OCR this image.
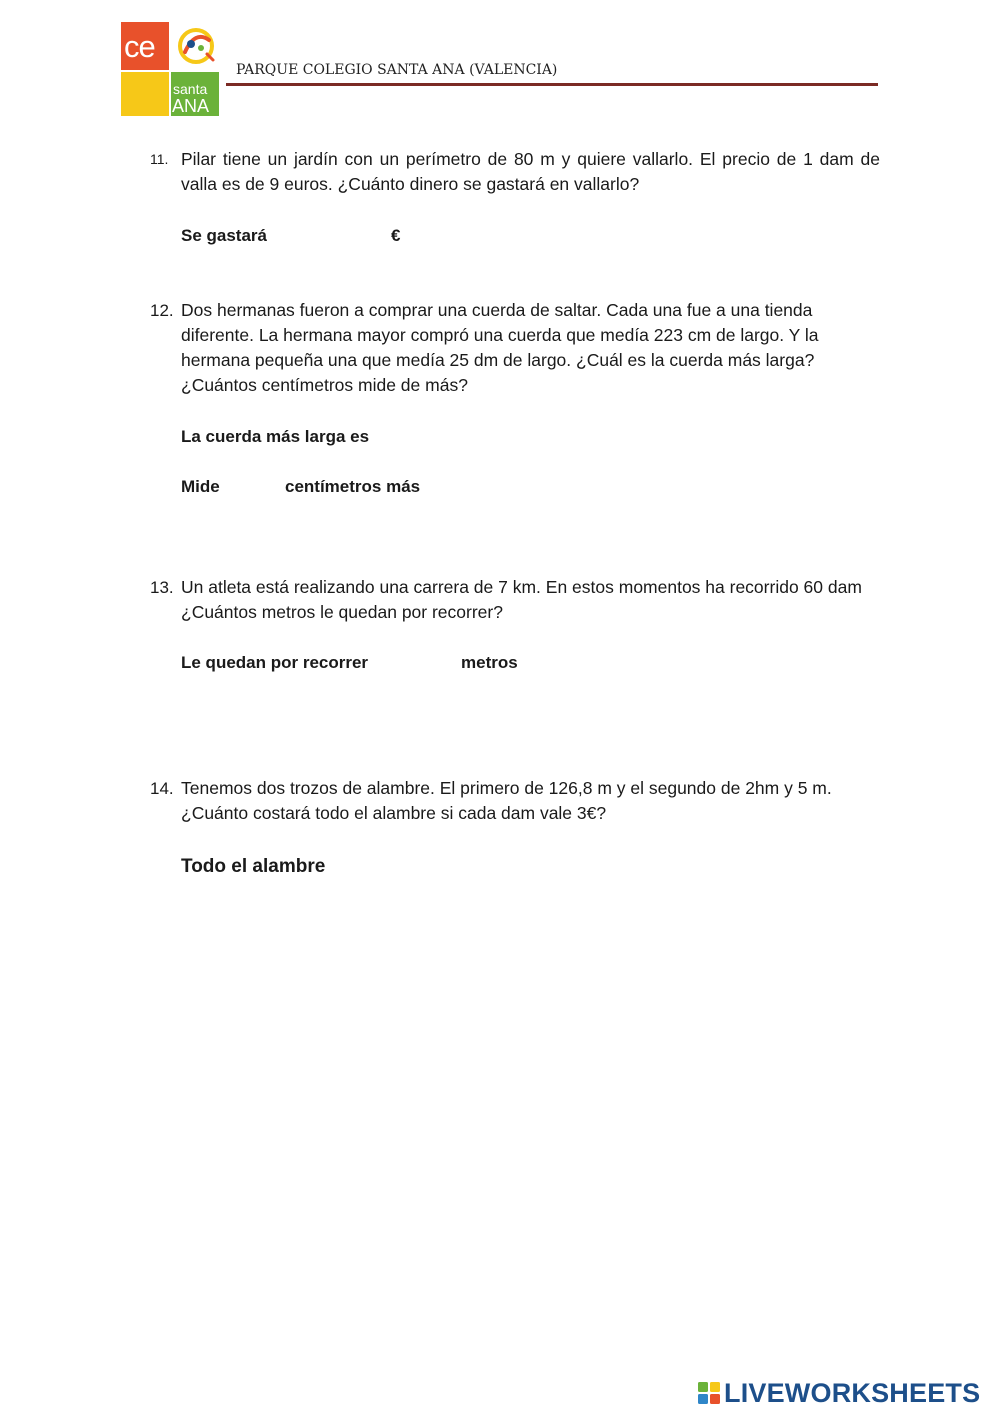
ce
santa
ANA
PARQUE COLEGIO SANTA ANA (VALENCIA)
11. Pilar tiene un jardín con un perímetro de 80 m y quiere vallarlo. El precio de 1 dam de valla es de 9 euros. ¿Cuánto dinero se gastará en vallarlo?
Se gastará	€
12. Dos hermanas fueron a comprar una cuerda de saltar. Cada una fue a una tienda diferente. La hermana mayor compró una cuerda que medía 223 cm de largo. Y la hermana pequeña una que medía 25 dm de largo. ¿Cuál es la cuerda más larga? ¿Cuántos centímetros mide de más?
La cuerda más larga es
Mide	centímetros más
13. Un atleta está realizando una carrera de 7 km. En estos momentos ha recorrido 60 dam ¿Cuántos metros le quedan por recorrer?
Le quedan por recorrer	metros
14. Tenemos dos trozos de alambre. El primero de 126,8 m y el segundo de 2hm y 5 m. ¿Cuánto costará todo el alambre si cada dam vale 3€?
Todo el alambre
LIVEWORKSHEETS
